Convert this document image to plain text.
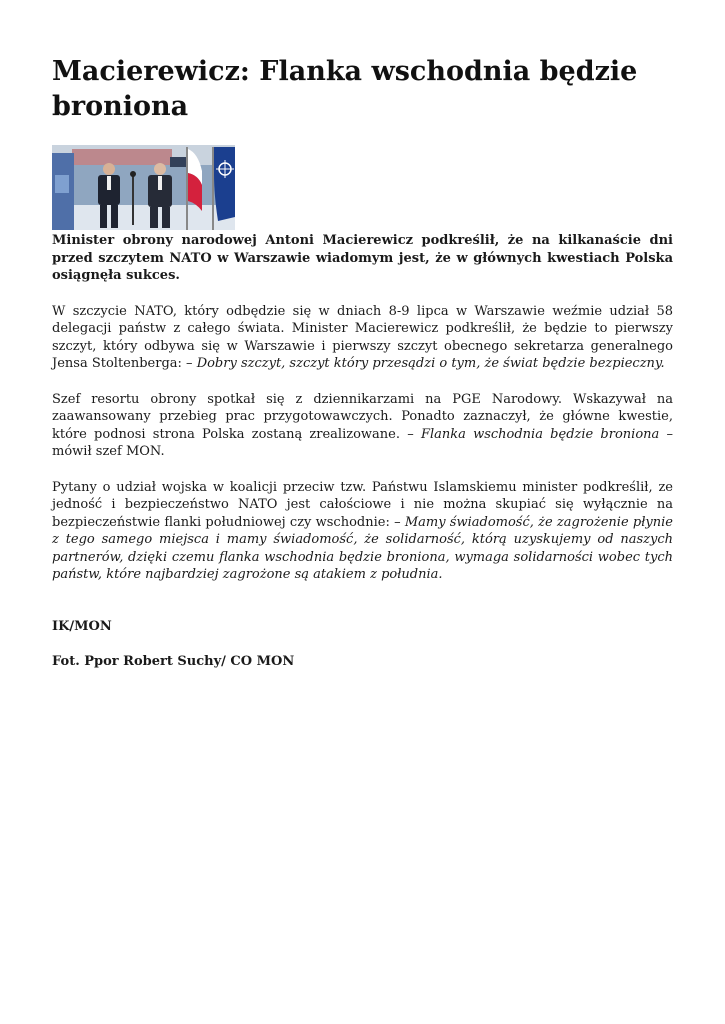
Macierewicz: Flanka wschodnia będzie broniona

Minister obrony narodowej Antoni Macierewicz podkreślił, że na kilkanaście dni przed szczytem NATO w Warszawie wiadomym jest, że w głównych kwestiach Polska osiągnęła sukces.

W szczycie NATO, który odbędzie się w dniach 8-9 lipca w Warszawie weźmie udział 58 delegacji państw z całego świata. Minister Macierewicz podkreślił, że będzie to pierwszy szczyt, który odbywa się w Warszawie i pierwszy szczyt obecnego sekretarza generalnego Jensa Stoltenberga: – Dobry szczyt, szczyt który przesądzi o tym, że świat będzie bezpieczny.

Szef resortu obrony spotkał się z dziennikarzami na PGE Narodowy. Wskazywał na zaawansowany przebieg prac przygotowawczych. Ponadto zaznaczył, że główne kwestie, które podnosi strona Polska zostaną zrealizowane. – Flanka wschodnia będzie broniona – mówił szef MON.

Pytany o udział wojska w koalicji przeciw tzw. Państwu Islamskiemu minister podkreślił, ze jedność i bezpieczeństwo NATO jest całościowe i nie można skupiać się wyłącznie na bezpieczeństwie flanki południowej czy wschodnie: – Mamy świadomość, że zagrożenie płynie z tego samego miejsca i mamy świadomość, że solidarność, którą uzyskujemy od naszych partnerów, dzięki czemu flanka wschodnia będzie broniona, wymaga solidarności wobec tych państw, które najbardziej zagrożone są atakiem z południa.

IK/MON

Fot. Ppor Robert Suchy/ CO MON
